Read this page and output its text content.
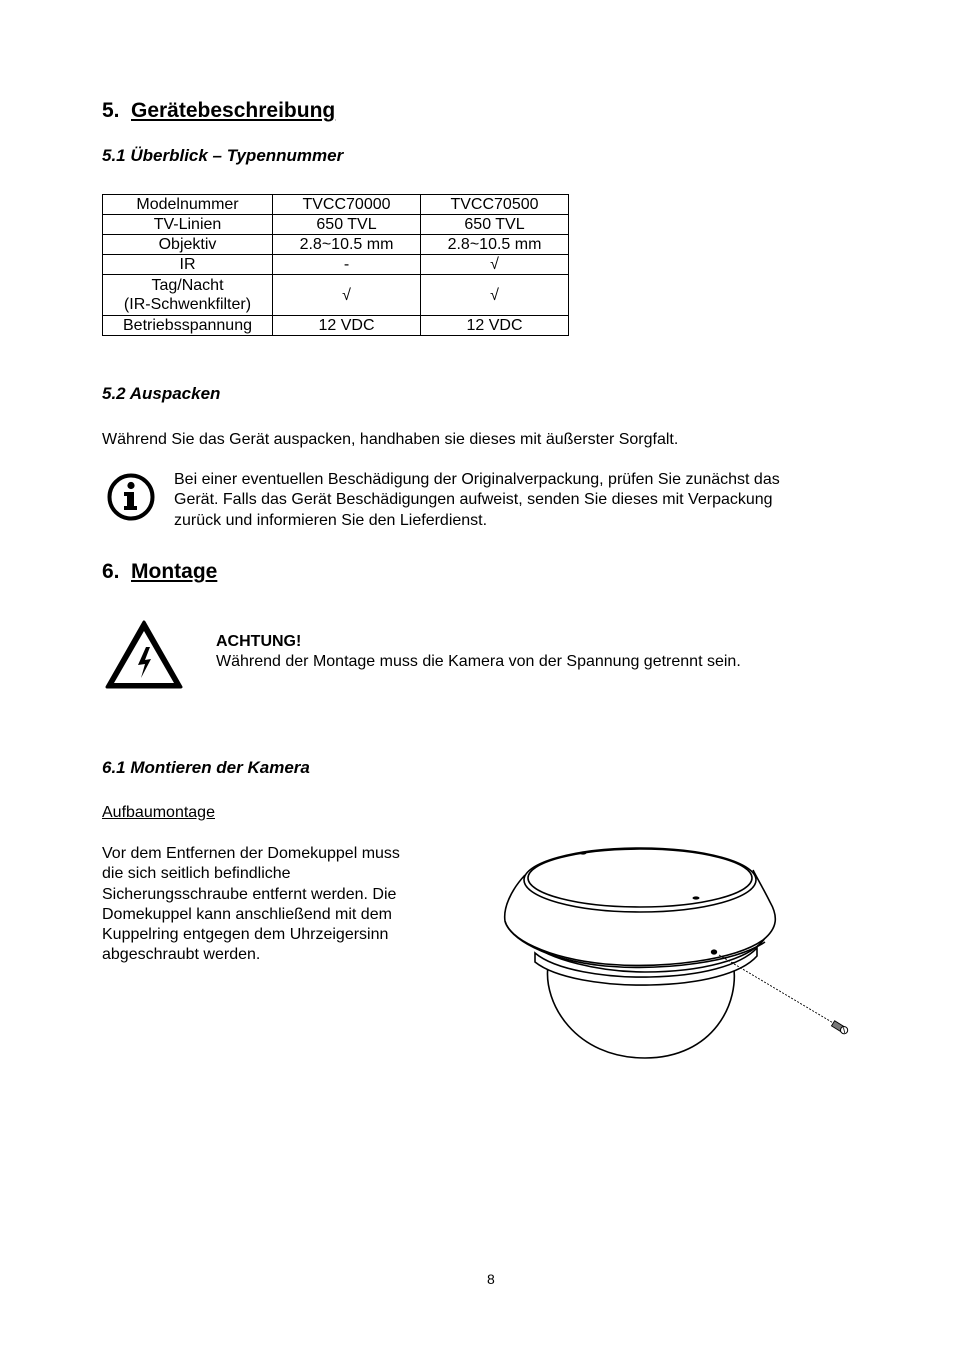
5. Gerätebeschreibung
5.1 Überblick – Typennummer
Modelnummer	TVCC70000	TVCC70500
TV-Linien	650 TVL	650 TVL
Objektiv	2.8~10.5 mm	2.8~10.5 mm
IR	-	√

Tag/Nacht
(IR-Schwenkfilter)	√	√
Betriebsspannung	12 VDC	12 VDC
5.2 Auspacken
Während Sie das Gerät auspacken, handhaben sie dieses mit äußerster Sorgfalt.
Bei einer eventuellen Beschädigung der Originalverpackung, prüfen Sie zunächst das
Gerät. Falls das Gerät Beschädigungen aufweist, senden Sie dieses mit Verpackung
zurück und informieren Sie den Lieferdienst.
6. Montage
ACHTUNG!
Während der Montage muss die Kamera von der Spannung getrennt sein.
6.1 Montieren der Kamera
Aufbaumontage
Vor dem Entfernen der Domekuppel muss
die sich seitlich befindliche
Sicherungsschraube entfernt werden. Die
Domekuppel kann anschließend mit dem
Kuppelring entgegen dem Uhrzeigersinn
abgeschraubt werden.
8
